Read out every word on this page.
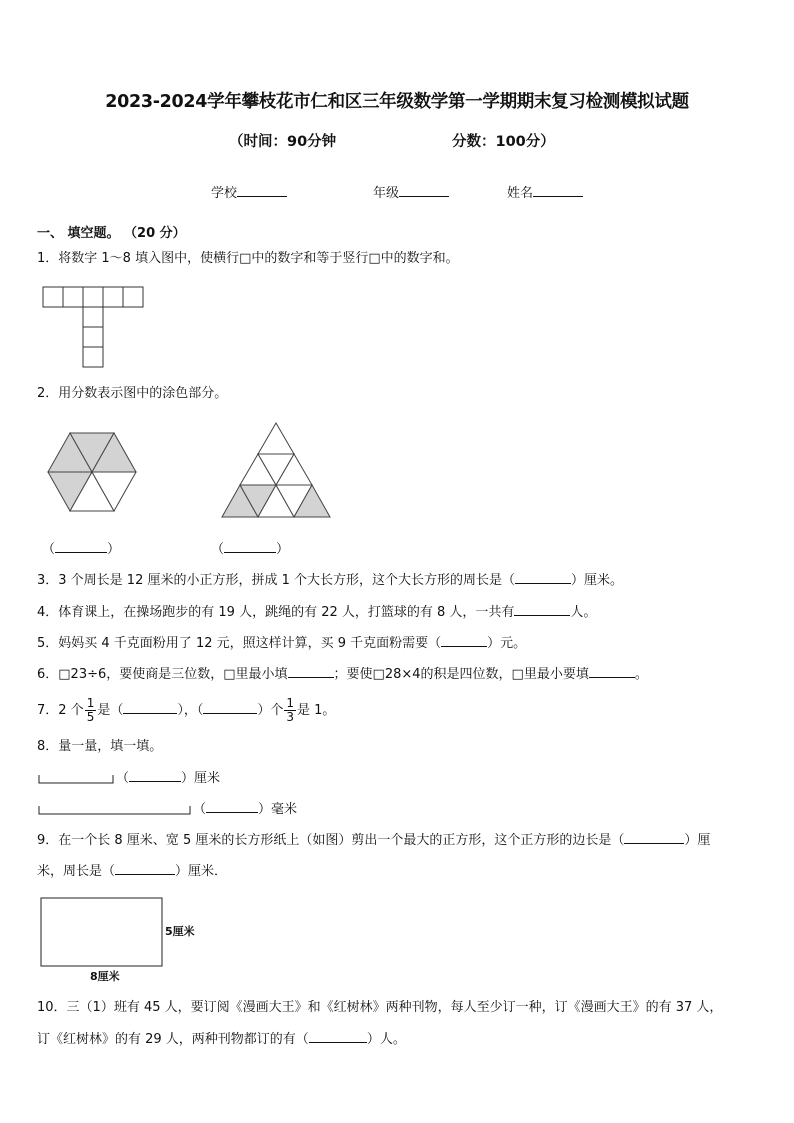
2023-2024学年攀枝花市仁和区三年级数学第一学期期末复习检测模拟试题
（时间：90分钟	分数：100分）
学校	年级	姓名
一、 填空题。 （20 分）
1．将数字 1～8 填入图中，使横行□中的数字和等于竖行□中的数字和。
2．用分数表示图中的涂色部分。
（	）	（	）
3．3 个周长是 12 厘米的小正方形，拼成 1 个大长方形，这个大长方形的周长是（	）厘米。
4．体育课上，在操场跑步的有 19 人，跳绳的有 22 人，打篮球的有 8 人，一共有	人。
5．妈妈买 4 千克面粉用了 12 元，照这样计算，买 9 千克面粉需要（	）元。
6．□23÷6，要使商是三位数，□里最小填	；要使□28×4的积是四位数，□里最小要填	。
7．2 个 $\frac{1}{5}$ 是（	），（	）个 $\frac{1}{3}$ 是 1。
8．量一量，填一填。
（	）厘米
（	）毫米
9．在一个长 8 厘米、宽 5 厘米的长方形纸上（如图）剪出一个最大的正方形，这个正方形的边长是（	）厘
米，周长是（	）厘米．
5厘米
8厘米
10．三（1）班有 45 人，要订阅《漫画大王》和《红树林》两种刊物，每人至少订一种，订《漫画大王》的有 37 人，
订《红树林》的有 29 人，两种刊物都订的有（	）人。
